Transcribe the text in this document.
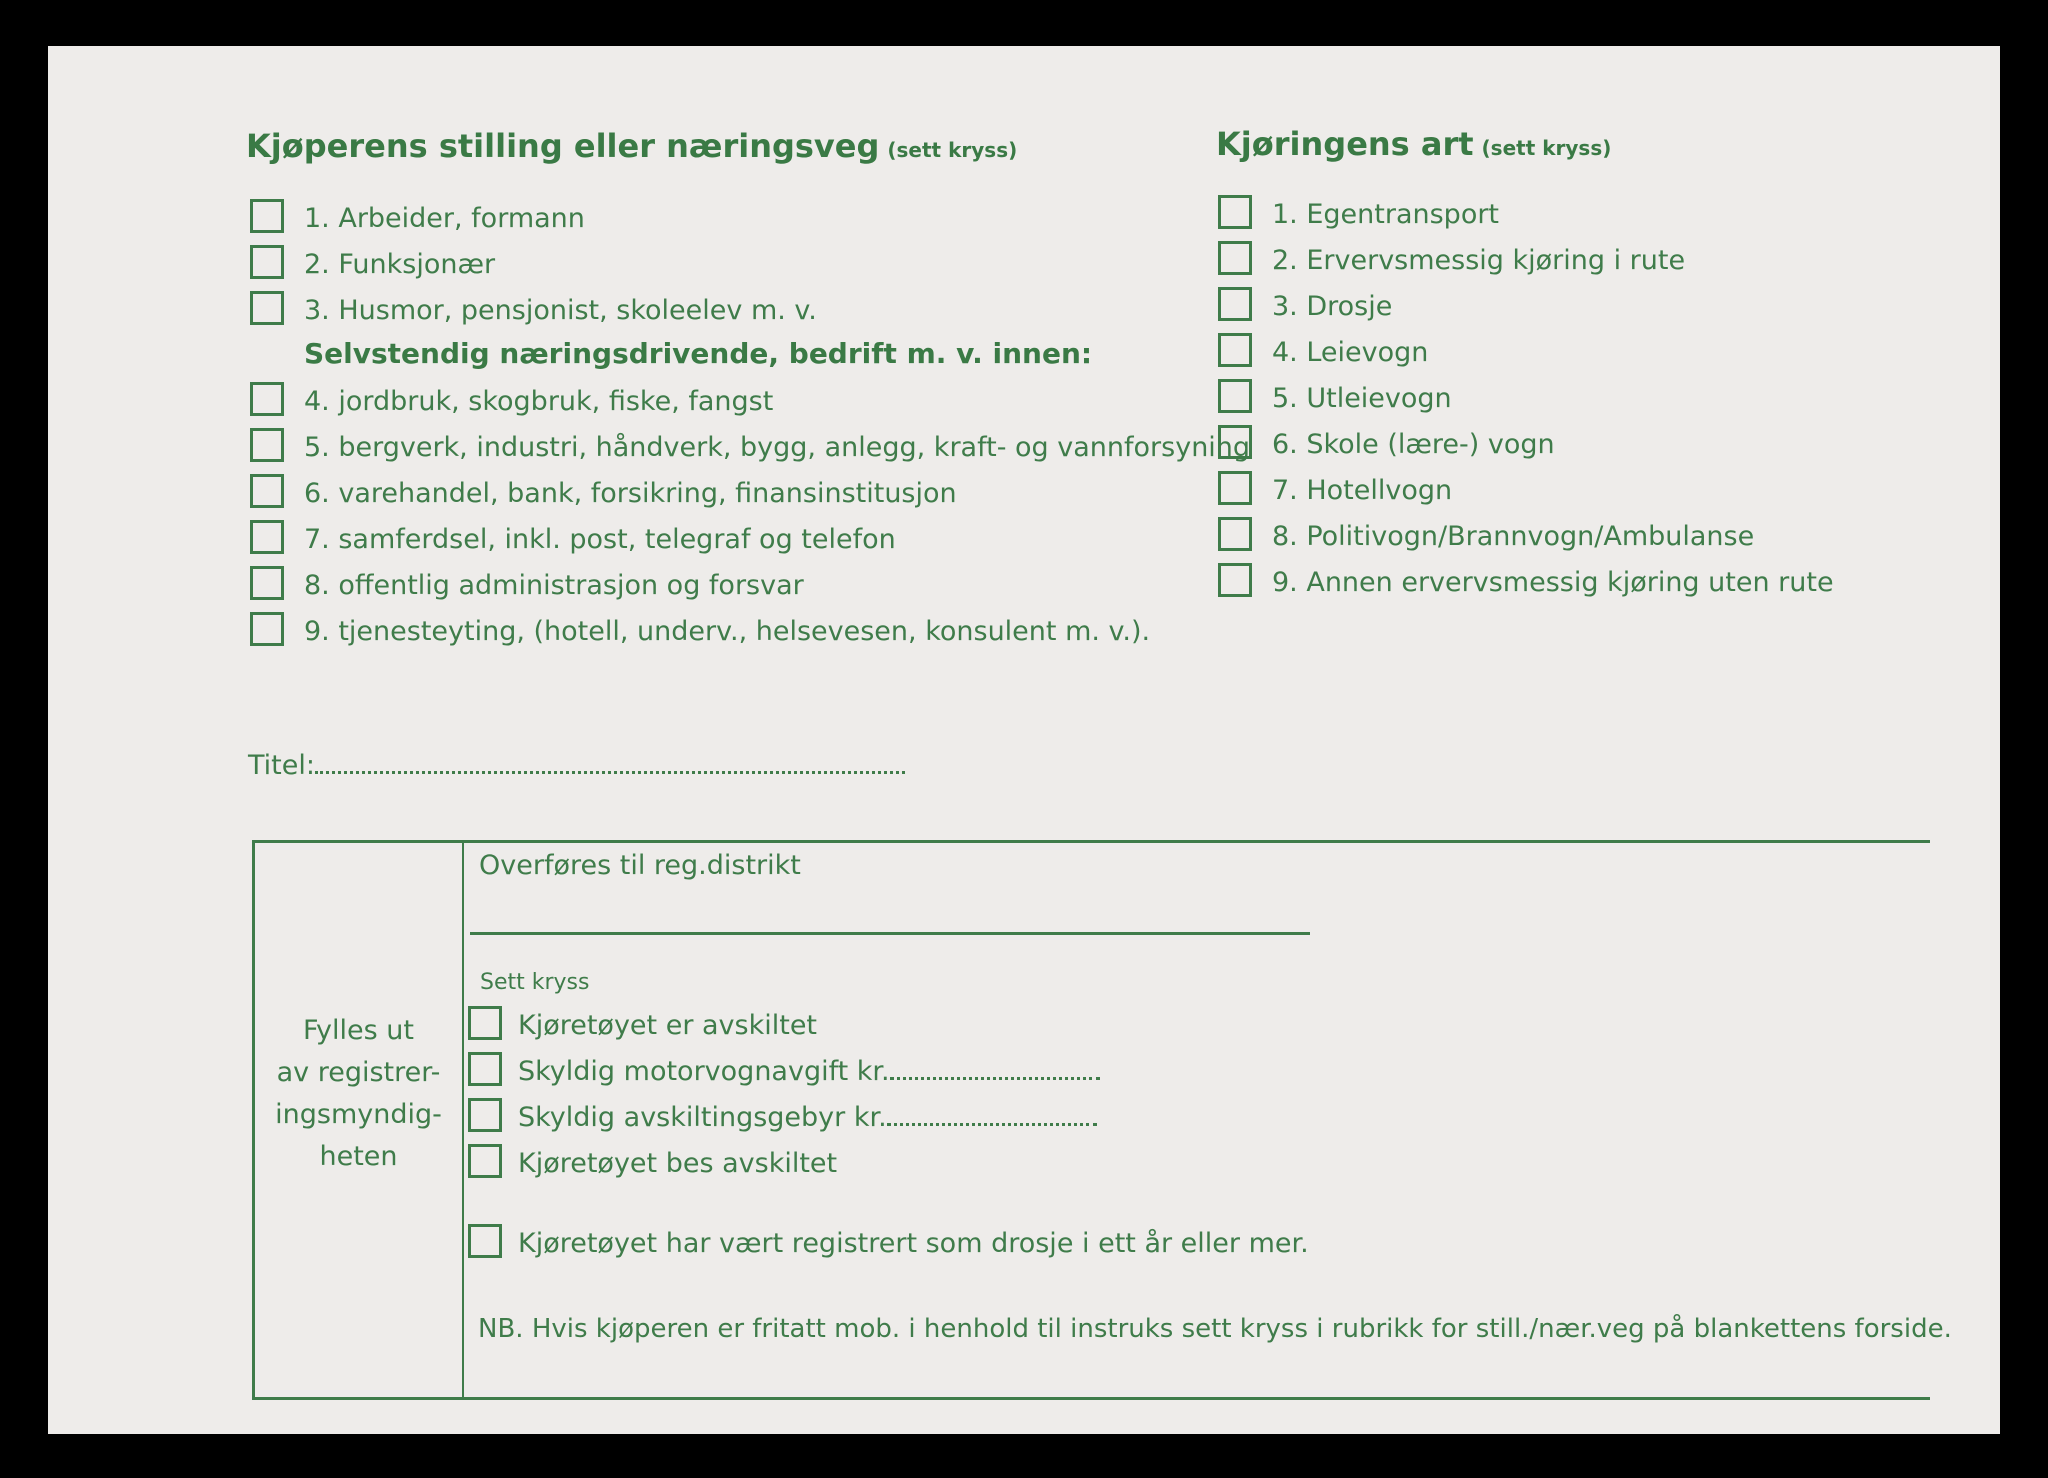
Kjøperens stilling eller næringsveg (sett kryss)
1. Arbeider, formann
2. Funksjonær
3. Husmor, pensjonist, skoleelev m. v.
Selvstendig næringsdrivende, bedrift m. v. innen:
4. jordbruk, skogbruk, fiske, fangst
5. bergverk, industri, håndverk, bygg, anlegg, kraft- og vannforsyning
6. varehandel, bank, forsikring, finansinstitusjon
7. samferdsel, inkl. post, telegraf og telefon
8. offentlig administrasjon og forsvar
9. tjenesteyting, (hotell, underv., helsevesen, konsulent m. v.).
Titel:
Kjøringens art (sett kryss)
1. Egentransport
2. Ervervsmessig kjøring i rute
3. Drosje
4. Leievogn
5. Utleievogn
6. Skole (lære-) vogn
7. Hotellvogn
8. Politivogn/Brannvogn/Ambulanse
9. Annen ervervsmessig kjøring uten rute
Fylles ut
av registrer-
ingsmyndig-
heten
Overføres til reg.distrikt
Sett kryss
Kjøretøyet er avskiltet
Skyldig motorvognavgift kr.
Skyldig avskiltingsgebyr kr.
Kjøretøyet bes avskiltet
Kjøretøyet har vært registrert som drosje i ett år eller mer.
NB. Hvis kjøperen er fritatt mob. i henhold til instruks sett kryss i rubrikk for still./nær.veg på blankettens forside.
